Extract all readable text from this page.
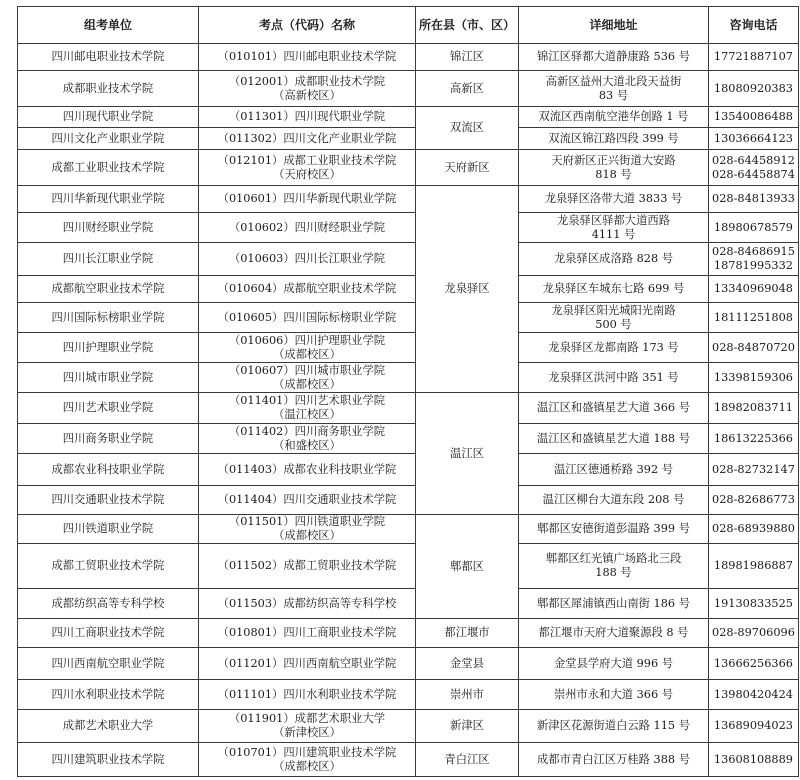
组考单位	考点（代码）名称	所在县（市、区）	详细地址	咨询电话
四川邮电职业技术学院	（010101）四川邮电职业技术学院	锦江区	锦江区驿都大道静康路 536 号	17721887107

成都职业技术学院	（012001）成都职业技术学院
（高新校区）	高新区	高新区益州大道北段天益街
83 号	18080920383

四川现代职业学院	（011301）四川现代职业学院	双流区	双流区西南航空港华创路 1 号	13540086488

四川文化产业职业学院	（011302）四川文化产业职业学院		双流区锦江路四段 399 号	13036664123

成都工业职业技术学院	（012101）成都工业职业技术学院
（天府校区）	天府新区	天府新区正兴街道大安路
818 号	028-64458912
028-64458874

四川华新现代职业学院	（010601）四川华新现代职业学院	龙泉驿区	龙泉驿区洛带大道 3833 号	028-84813933

四川财经职业学院	（010602）四川财经职业学院		龙泉驿区驿都大道西路
4111 号	18980678579

四川长江职业学院	（010603）四川长江职业学院		龙泉驿区成洛路 828 号	028-84686915
18781995332

成都航空职业技术学院	（010604）成都航空职业技术学院		龙泉驿区车城东七路 699 号	13340969048

四川国际标榜职业学院	（010605）四川国际标榜职业学院		龙泉驿区阳光城阳光南路
500 号	18111251808

四川护理职业学院	（010606）四川护理职业学院
（成都校区）		龙泉驿区龙都南路 173 号	028-84870720

四川城市职业学院	（010607）四川城市职业学院
（成都校区）		龙泉驿区洪河中路 351 号	13398159306

四川艺术职业学院	（011401）四川艺术职业学院
（温江校区）	温江区	温江区和盛镇星艺大道 366 号	18982083711

四川商务职业学院	（011402）四川商务职业学院
（和盛校区）		温江区和盛镇星艺大道 188 号	18613225366

成都农业科技职业学院	（011403）成都农业科技职业学院		温江区德通桥路 392 号	028-82732147

四川交通职业技术学院	（011404）四川交通职业技术学院		温江区柳台大道东段 208 号	028-82686773

四川铁道职业学院	（011501）四川铁道职业学院
（成都校区）	郫都区	郫都区安德街道彭温路 399 号	028-68939880

成都工贸职业技术学院	（011502）成都工贸职业技术学院		郫都区红光镇广场路北三段
188 号	18981986887

成都纺织高等专科学校	（011503）成都纺织高等专科学校		郫都区犀浦镇西山南街 186 号	19130833525

四川工商职业技术学院	（010801）四川工商职业技术学院	都江堰市	都江堰市天府大道聚源段 8 号	028-89706096

四川西南航空职业学院	（011201）四川西南航空职业学院	金堂县	金堂县学府大道 996 号	13666256366

四川水利职业技术学院	（011101）四川水利职业技术学院	崇州市	崇州市永和大道 366 号	13980420424

成都艺术职业大学	（011901）成都艺术职业大学
（新津校区）	新津区	新津区花源街道白云路 115 号	13689094023

四川建筑职业技术学院	（010701）四川建筑职业技术学院
（成都校区）	青白江区	成都市青白江区万桂路 388 号	13608108889
